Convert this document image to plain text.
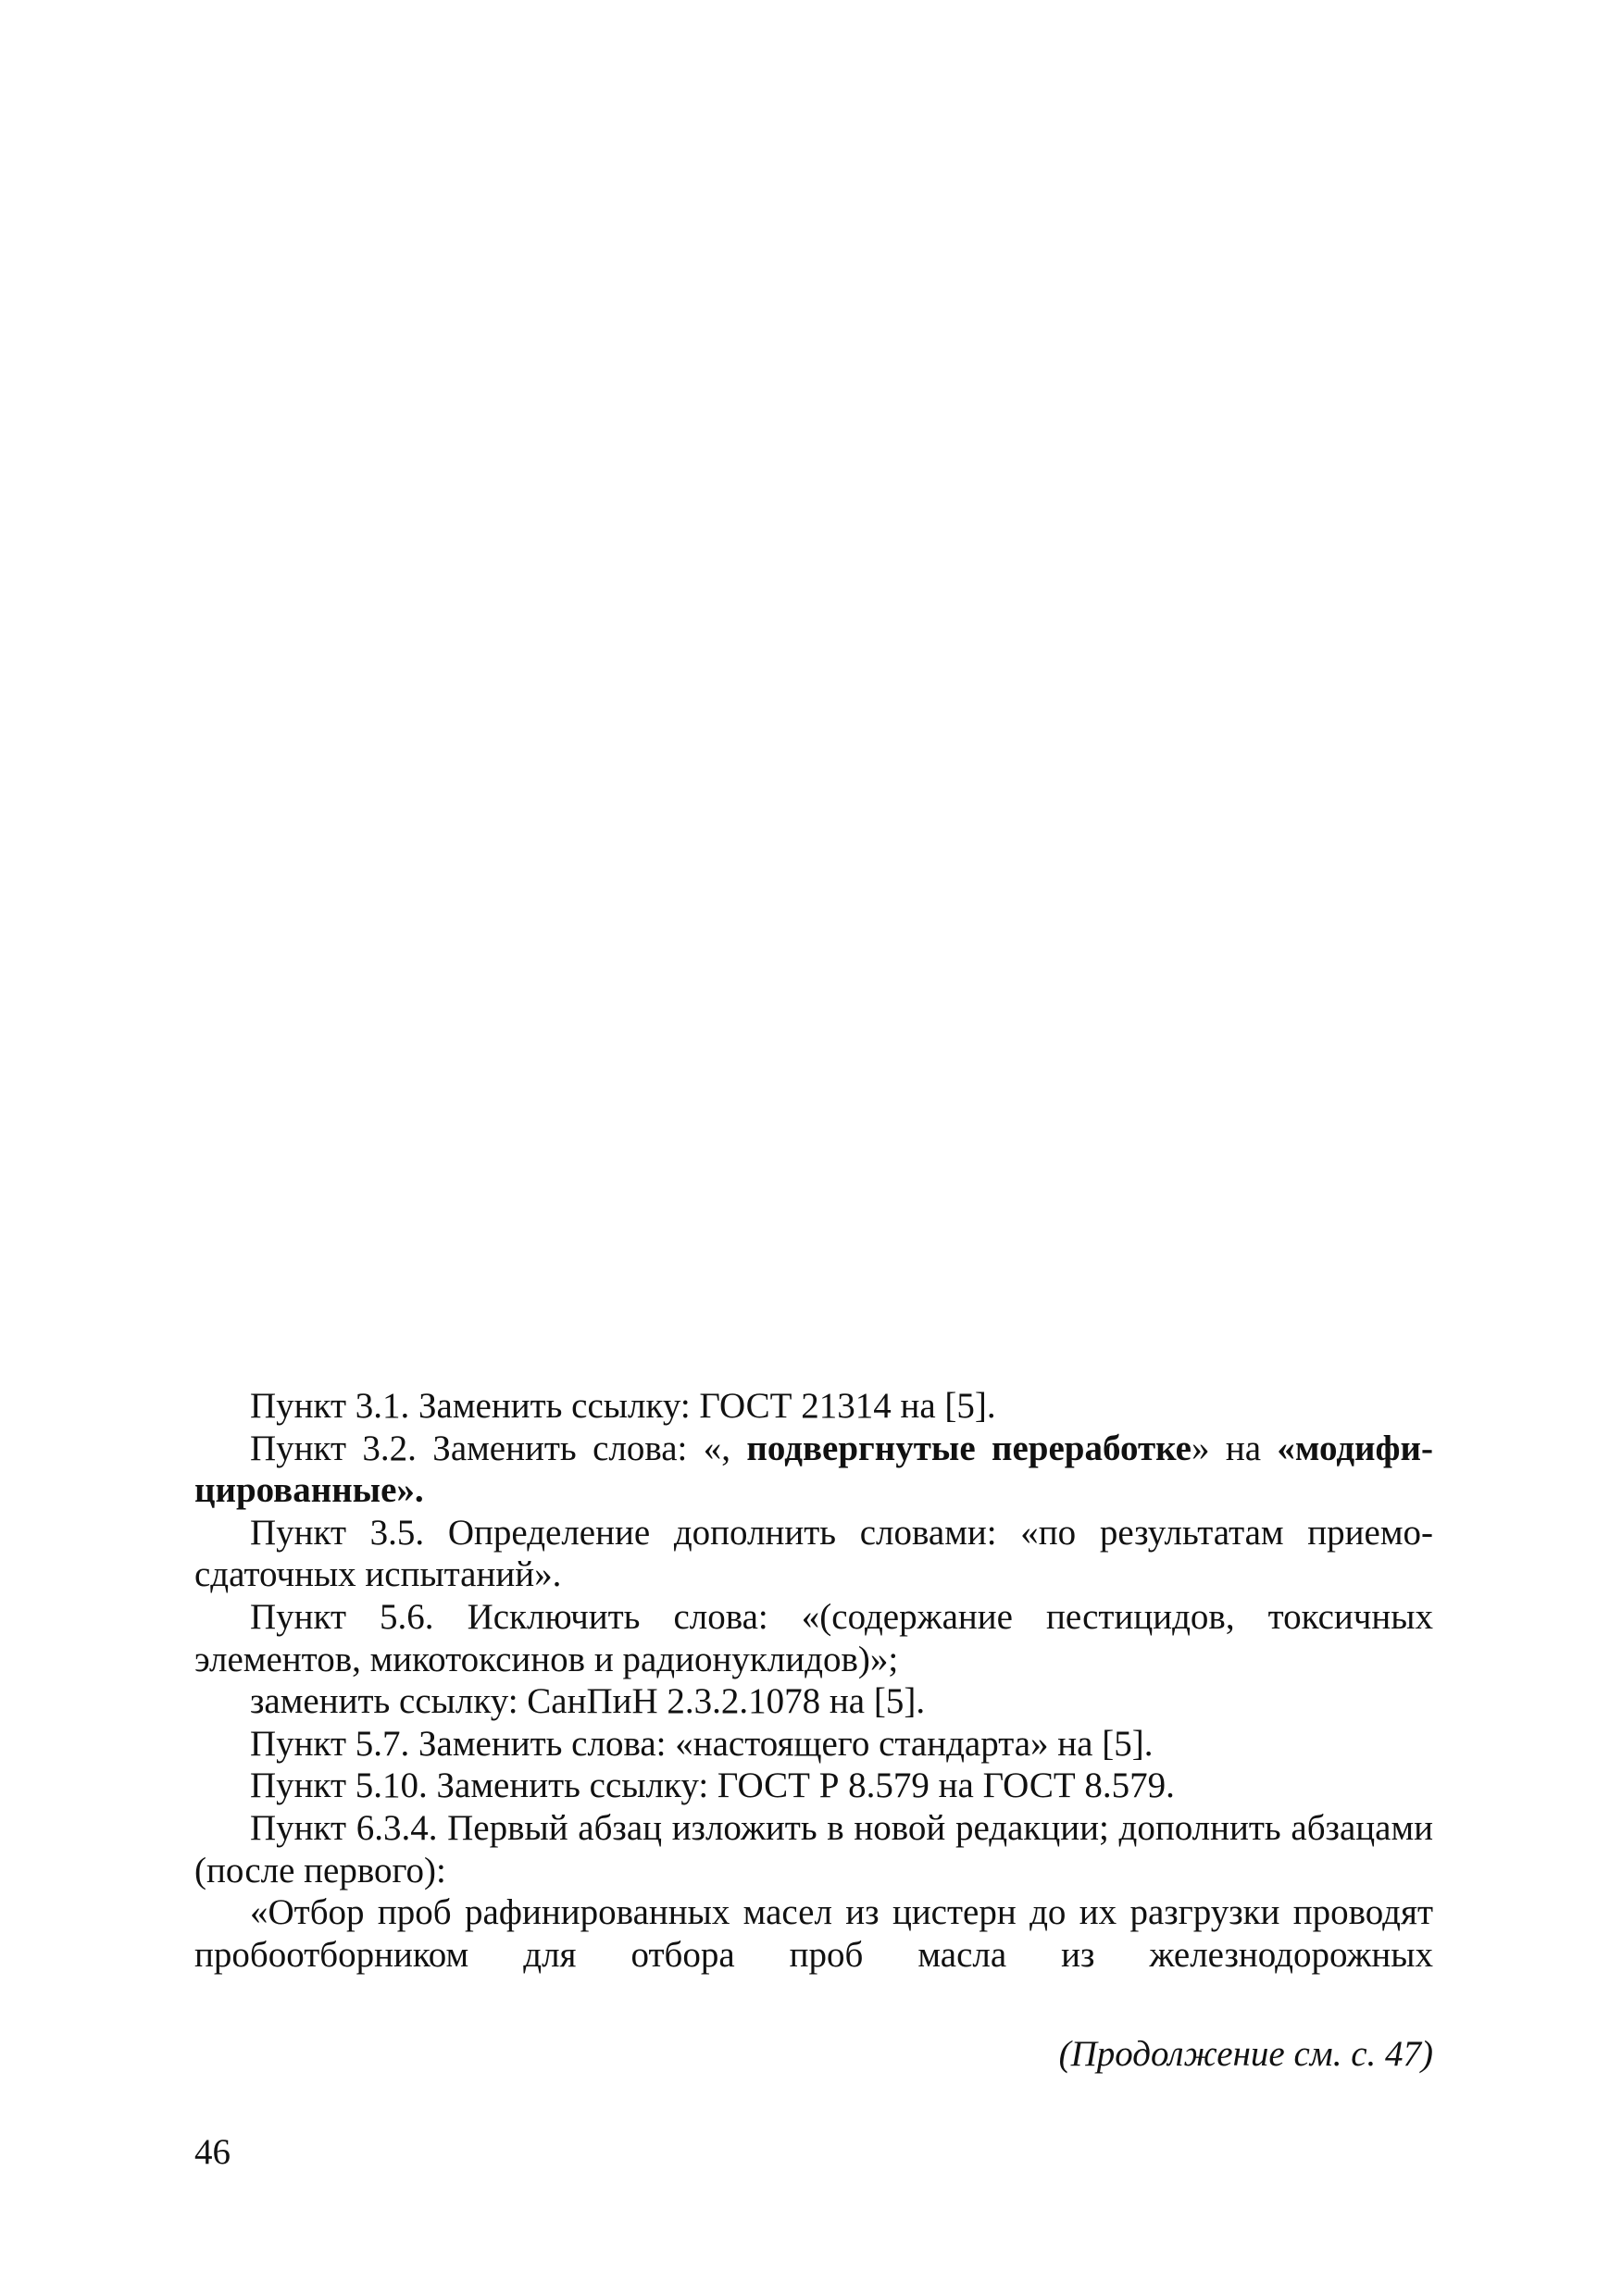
Пункт 3.1. Заменить ссылку: ГОСТ 21314 на [5].

Пункт 3.2. Заменить слова: «, подвергнутые переработке» на «модифицированные».

Пункт 3.5. Определение дополнить словами: «по результатам приемосдаточных испытаний».

Пункт 5.6. Исключить слова: «(содержание пестицидов, токсичных элементов, микотоксинов и радионуклидов)»;

заменить ссылку: СанПиН 2.3.2.1078 на [5].

Пункт 5.7. Заменить слова: «настоящего стандарта» на [5].

Пункт 5.10. Заменить ссылку: ГОСТ Р 8.579 на ГОСТ 8.579.

Пункт 6.3.4. Первый абзац изложить в новой редакции; дополнить абзацами (после первого):

«Отбор проб рафинированных масел из цистерн до их разгрузки проводят пробоотборником для отбора проб масла из железнодорожных

(Продолжение см. с. 47)

46
